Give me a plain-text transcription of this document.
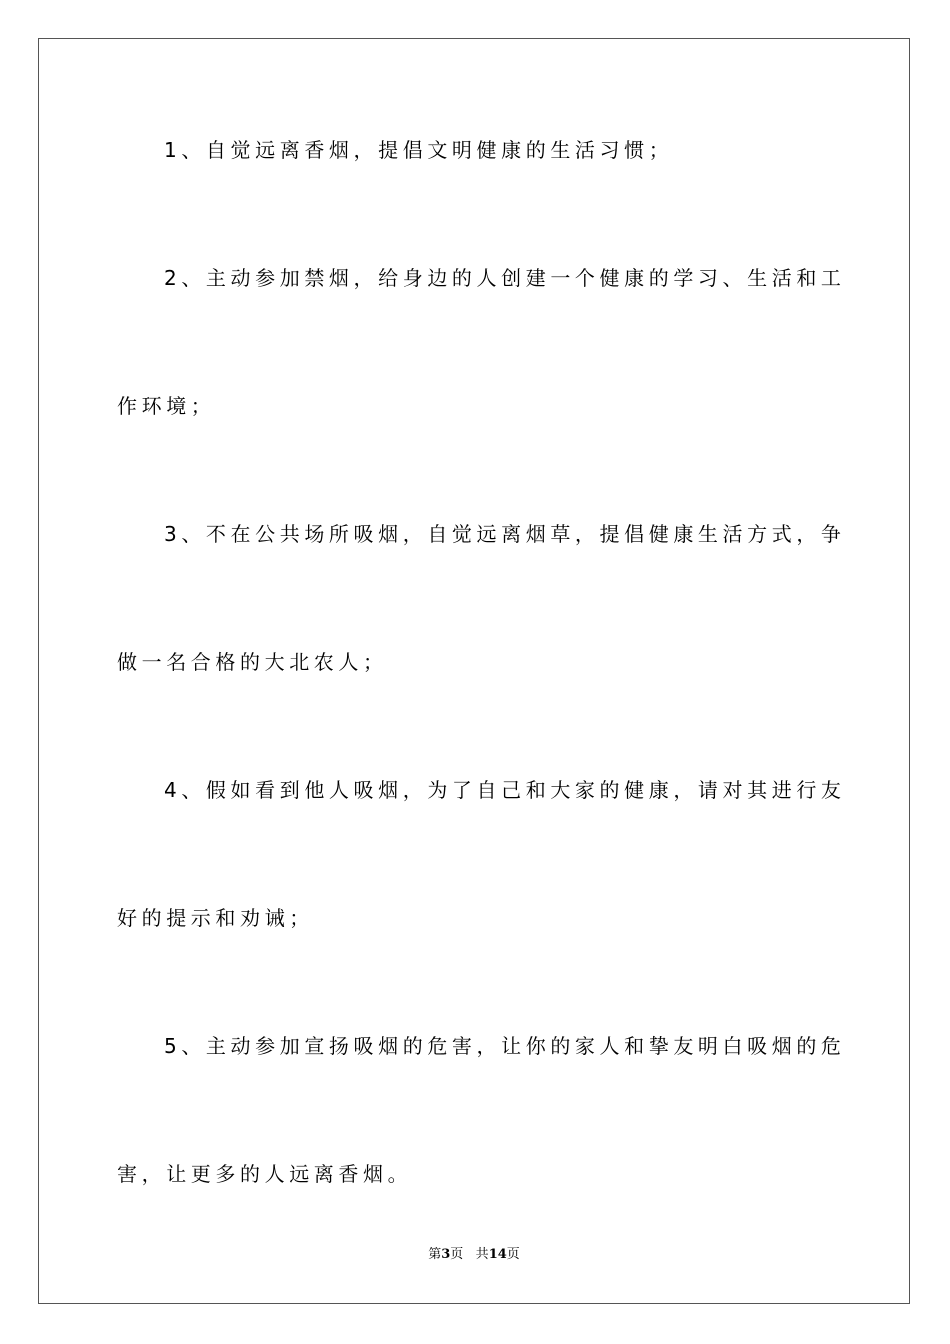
1、自觉远离香烟，提倡文明健康的生活习惯；
2、主动参加禁烟，给身边的人创建一个健康的学习、生活和工
作环境；
3、不在公共场所吸烟，自觉远离烟草，提倡健康生活方式，争
做一名合格的大北农人；
4、假如看到他人吸烟，为了自己和大家的健康，请对其进行友
好的提示和劝诫；
5、主动参加宣扬吸烟的危害，让你的家人和挚友明白吸烟的危
害，让更多的人远离香烟。
第3页 共14页
